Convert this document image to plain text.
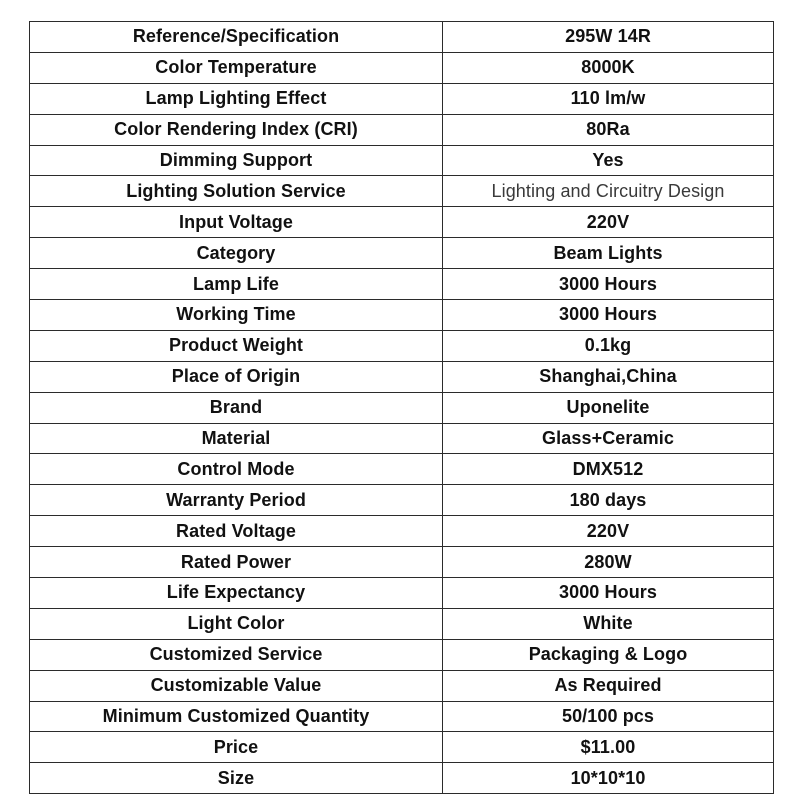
Reference/Specification	295W 14R
Color Temperature	8000K
Lamp Lighting Effect	110 lm/w
Color Rendering Index (CRI)	80Ra
Dimming Support	Yes
Lighting Solution Service	Lighting and Circuitry Design
Input Voltage	220V
Category	Beam Lights
Lamp Life	3000 Hours
Working Time	3000 Hours
Product Weight	0.1kg
Place of Origin	Shanghai,China
Brand	Uponelite
Material	Glass+Ceramic
Control Mode	DMX512
Warranty Period	180 days
Rated Voltage	220V
Rated Power	280W
Life Expectancy	3000 Hours
Light Color	White
Customized Service	Packaging & Logo
Customizable Value	As Required
Minimum Customized Quantity	50/100 pcs
Price	$11.00
Size	10*10*10
